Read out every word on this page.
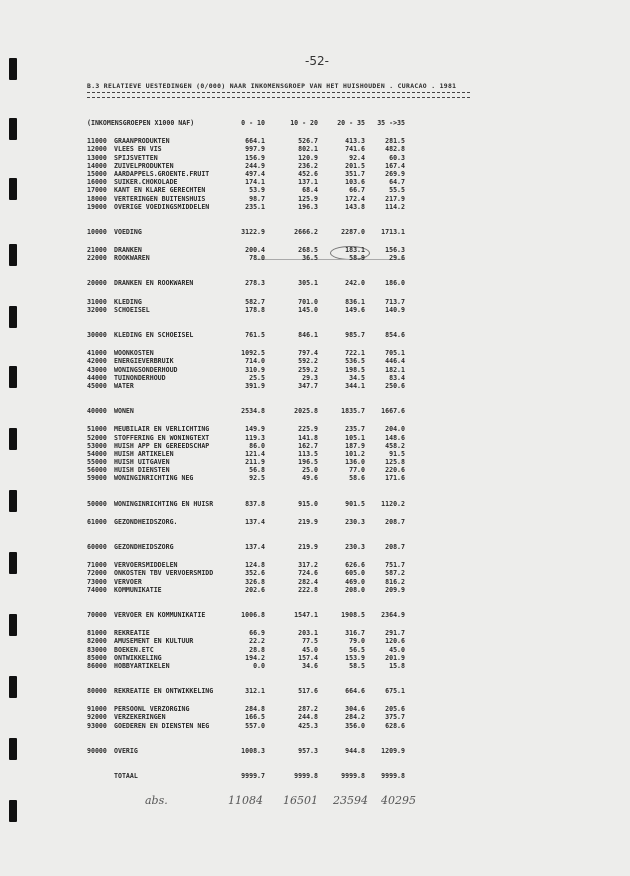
-52-
B.3 RELATIEVE UESTEDINGEN (0/000) NAAR INKOMENSGROEP VAN HET HUISHOUDEN . CURACAO . 1981
(INKOMENSGROEPEN X1000 NAF)	0 - 10	10 - 20	20 - 35	35 ->35
11000	GRAANPRODUKTEN	664.1	526.7	413.3	281.5
12000	VLEES EN VIS	997.9	802.1	741.6	482.8
13000	SPIJSVETTEN	156.9	120.9	92.4	60.3
14000	ZUIVELPRODUKTEN	244.9	236.2	201.5	167.4
15000	AARDAPPELS.GROENTE.FRUIT	497.4	452.6	351.7	269.9
16000	SUIKER.CHOKOLADE	174.1	137.1	103.6	64.7
17000	KANT EN KLARE GERECHTEN	53.9	68.4	66.7	55.5
18000	VERTERINGEN BUITENSHUIS	98.7	125.9	172.4	217.9
19000	OVERIGE VOEDINGSMIDDELEN	235.1	196.3	143.8	114.2
10000	VOEDING	3122.9	2666.2	2287.0	1713.1
21000	DRANKEN	200.4	268.5	183.1	156.3
22000	ROOKWAREN	78.0	36.5	58.9	29.6
20000	DRANKEN EN ROOKWAREN	278.3	305.1	242.0	186.0
31000	KLEDING	582.7	701.0	836.1	713.7
32000	SCHOEISEL	178.8	145.0	149.6	140.9
30000	KLEDING EN SCHOEISEL	761.5	846.1	985.7	854.6
41000	WOONKOSTEN	1092.5	797.4	722.1	705.1
42000	ENERGIEVERBRUIK	714.0	592.2	536.5	446.4
43000	WONINGSONDERHOUD	310.9	259.2	198.5	182.1
44000	TUINONDERHOUD	25.5	29.3	34.5	83.4
45000	WATER	391.9	347.7	344.1	250.6
40000	WONEN	2534.8	2025.8	1835.7	1667.6
51000	MEUBILAIR EN VERLICHTING	149.9	225.9	235.7	204.0
52000	STOFFERING EN WONINGTEXT	119.3	141.8	105.1	148.6
53000	HUISH APP EN GEREEDSCHAP	86.0	162.7	187.9	458.2
54000	HUISH ARTIKELEN	121.4	113.5	101.2	91.5
55000	HUISH UITGAVEN	211.9	196.5	136.0	125.8
56000	HUISH DIENSTEN	56.8	25.0	77.0	220.6
59000	WONINGINRICHTING NEG	92.5	49.6	58.6	171.6
50000	WONINGINRICHTING EN HUISR	837.8	915.0	901.5	1120.2
61000	GEZONDHEIDSZORG.	137.4	219.9	230.3	208.7
60000	GEZONDHEIDSZORG	137.4	219.9	230.3	208.7
71000	VERVOERSMIDDELEN	124.8	317.2	626.6	751.7
72000	ONKOSTEN TBV VERVOERSMIDD	352.6	724.6	605.0	587.2
73000	VERVOER	326.8	282.4	469.0	816.2
74000	KOMMUNIKATIE	202.6	222.8	208.0	209.9
70000	VERVOER EN KOMMUNIKATIE	1006.8	1547.1	1908.5	2364.9
81000	REKREATIE	66.9	203.1	316.7	291.7
82000	AMUSEMENT EN KULTUUR	22.2	77.5	79.0	120.6
83000	BOEKEN.ETC	28.8	45.0	56.5	45.0
85000	ONTWIKKELING	194.2	157.4	153.9	201.9
86000	HOBBYARTIKELEN	0.0	34.6	58.5	15.8
80000	REKREATIE EN ONTWIKKELING	312.1	517.6	664.6	675.1
91000	PERSOONL VERZORGING	284.8	287.2	304.6	205.6
92000	VERZEKERINGEN	166.5	244.8	284.2	375.7
93000	GOEDEREN EN DIENSTEN NEG	557.0	425.3	356.0	628.6
90000	OVERIG	1008.3	957.3	944.8	1209.9
TOTAAL	9999.7	9999.8	9999.8	9999.8
abs.	11084 16501 23594 40295
